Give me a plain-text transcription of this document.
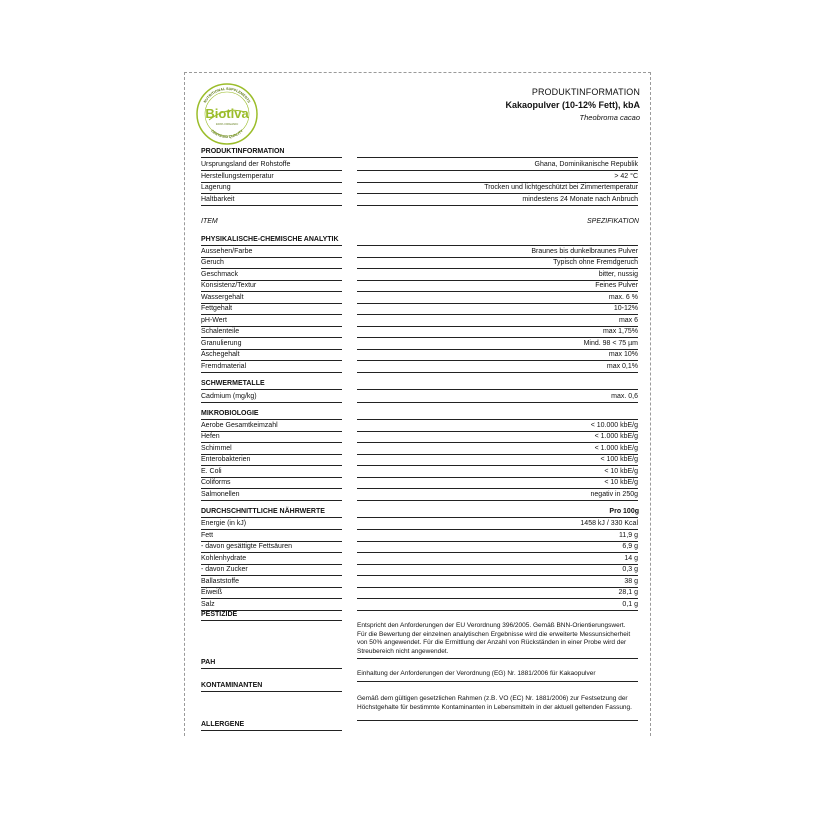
Biotiva
100% ORGANIC
NUTRITIONAL SUPPLEMENTS
CERTIFIED QUALITY
PRODUKTINFORMATION
Kakaopulver (10-12% Fett), kbA
Theobroma cacao
PRODUKTINFORMATION
Ursprungsland der Rohstoffe	Ghana, Dominikanische Republik
Herstellungstemperatur	> 42 °C
Lagerung	Trocken und lichtgeschützt bei Zimmertemperatur
Haltbarkeit	mindestens 24 Monate nach Anbruch
ITEM	SPEZIFIKATION
PHYSIKALISCHE-CHEMISCHE ANALYTIK
Aussehen/Farbe	Braunes bis dunkelbraunes Pulver
Geruch	Typisch ohne Fremdgeruch
Geschmack	bitter, nussig
Konsistenz/Textur	Feines Pulver
Wassergehalt	max. 6 %
Fettgehalt	10-12%
pH-Wert	max 6
Schalenteile	max 1,75%
Granulierung	Mind. 98 < 75 µm
Aschegehalt	max 10%
Fremdmaterial	max 0,1%
SCHWERMETALLE
Cadmium (mg/kg)	max. 0,6
MIKROBIOLOGIE
Aerobe Gesamtkeimzahl	< 10.000 kbE/g
Hefen	< 1.000 kbE/g
Schimmel	< 1.000 kbE/g
Enterobakterien	< 100 kbE/g
E. Coli	< 10 kbE/g
Coliforms	< 10 kbE/g
Salmonellen	negativ in 250g
DURCHSCHNITTLICHE NÄHRWERTE	Pro 100g
Energie (in kJ)	1458 kJ / 330 Kcal
Fett	11,9 g
- davon gesättigte Fettsäuren	6,9 g
Kohlenhydrate	14 g
- davon Zucker	0,3 g
Ballaststoffe	38 g
Eiweiß	28,1 g
Salz	0,1 g
PESTIZIDE
Entspricht den Anforderungen der EU Verordnung 396/2005. Gemäß BNN-Orientierungswert. Für die Bewertung der einzelnen analytischen Ergebnisse wird die erweiterte Messunsicherheit von 50% angewendet. Für die Ermittlung der Anzahl von Rückständen in einer Probe wird der Streubereich nicht angewendet.
PAH
Einhaltung der Anforderungen der Verordnung (EG) Nr. 1881/2006 für Kakaopulver
KONTAMINANTEN
Gemäß dem gültigen gesetzlichen Rahmen (z.B. VO (EC) Nr. 1881/2006) zur Festsetzung der Höchstgehalte für bestimmte Kontaminanten in Lebensmitteln in der aktuell geltenden Fassung.
ALLERGENE
